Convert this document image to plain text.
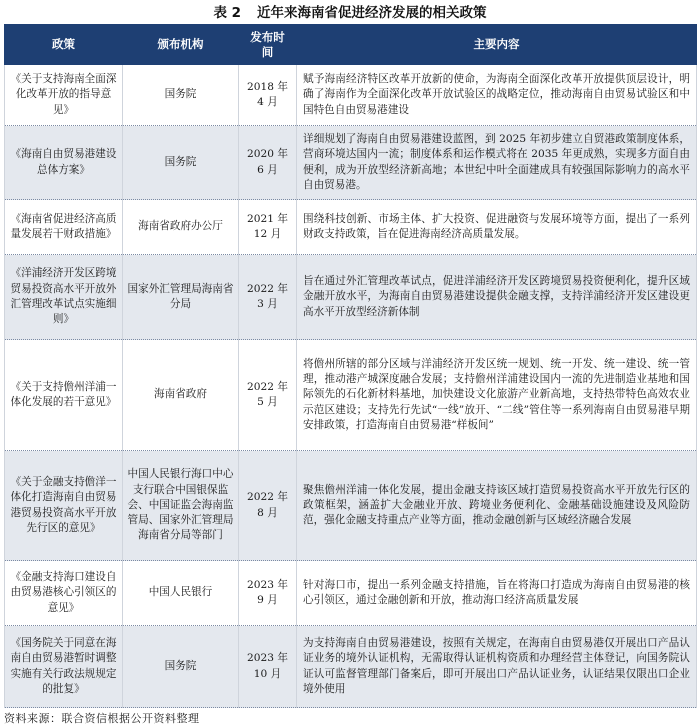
表 2 近年来海南省促进经济发展的相关政策
政策	颁布机构	发布时间	主要内容
《关于支持海南全面深化改革开放的指导意见》	国务院	2018 年 4 月	赋予海南经济特区改革开放新的使命，为海南全面深化改革开放提供顶层设计，明确了海南作为全面深化改革开放试验区的战略定位，推动海南自由贸易试验区和中国特色自由贸易港建设
《海南自由贸易港建设总体方案》	国务院	2020 年 6 月	详细规划了海南自由贸易港建设蓝图，到 2025 年初步建立自贸港政策制度体系，营商环境达国内一流；制度体系和运作模式将在 2035 年更成熟，实现多方面自由便利，成为开放型经济新高地；本世纪中叶全面建成具有较强国际影响力的高水平自由贸易港。
《海南省促进经济高质量发展若干财政措施》	海南省政府办公厅	2021 年 12 月	围绕科技创新、市场主体、扩大投资、促进融资与发展环境等方面，提出了一系列财政支持政策，旨在促进海南经济高质量发展。
《洋浦经济开发区跨境贸易投资高水平开放外汇管理改革试点实施细则》	国家外汇管理局海南省分局	2022 年 3 月	旨在通过外汇管理改革试点，促进洋浦经济开发区跨境贸易投资便利化，提升区域金融开放水平，为海南自由贸易港建设提供金融支撑，支持洋浦经济开发区建设更高水平开放型经济新体制
《关于支持儋州洋浦一体化发展的若干意见》	海南省政府	2022 年 5 月	将儋州所辖的部分区域与洋浦经济开发区统一规划、统一开发、统一建设、统一管理，推动港产城深度融合发展；支持儋州洋浦建设国内一流的先进制造业基地和国际领先的石化新材料基地，加快建设文化旅游产业新高地，支持热带特色高效农业示范区建设；支持先行先试“一线”放开、“二线”管住等一系列海南自由贸易港早期安排政策，打造海南自由贸易港“样板间”
《关于金融支持儋洋一体化打造海南自由贸易港贸易投资高水平开放先行区的意见》	中国人民银行海口中心支行联合中国银保监会、中国证监会海南监管局、国家外汇管理局海南省分局等部门	2022 年 8 月	聚焦儋州洋浦一体化发展，提出金融支持该区域打造贸易投资高水平开放先行区的政策框架，涵盖扩大金融业开放、跨境业务便利化、金融基础设施建设及风险防范，强化金融支持重点产业等方面，推动金融创新与区域经济融合发展
《金融支持海口建设自由贸易港核心引领区的意见》	中国人民银行	2023 年 9 月	针对海口市，提出一系列金融支持措施，旨在将海口打造成为海南自由贸易港的核心引领区，通过金融创新和开放，推动海口经济高质量发展
《国务院关于同意在海南自由贸易港暂时调整实施有关行政法规规定的批复》	国务院	2023 年 10 月	为支持海南自由贸易港建设，按照有关规定，在海南自由贸易港仅开展出口产品认证业务的境外认证机构，无需取得认证机构资质和办理经营主体登记，向国务院认证认可监督管理部门备案后，即可开展出口产品认证业务，认证结果仅限出口企业境外使用
资料来源：联合资信根据公开资料整理
